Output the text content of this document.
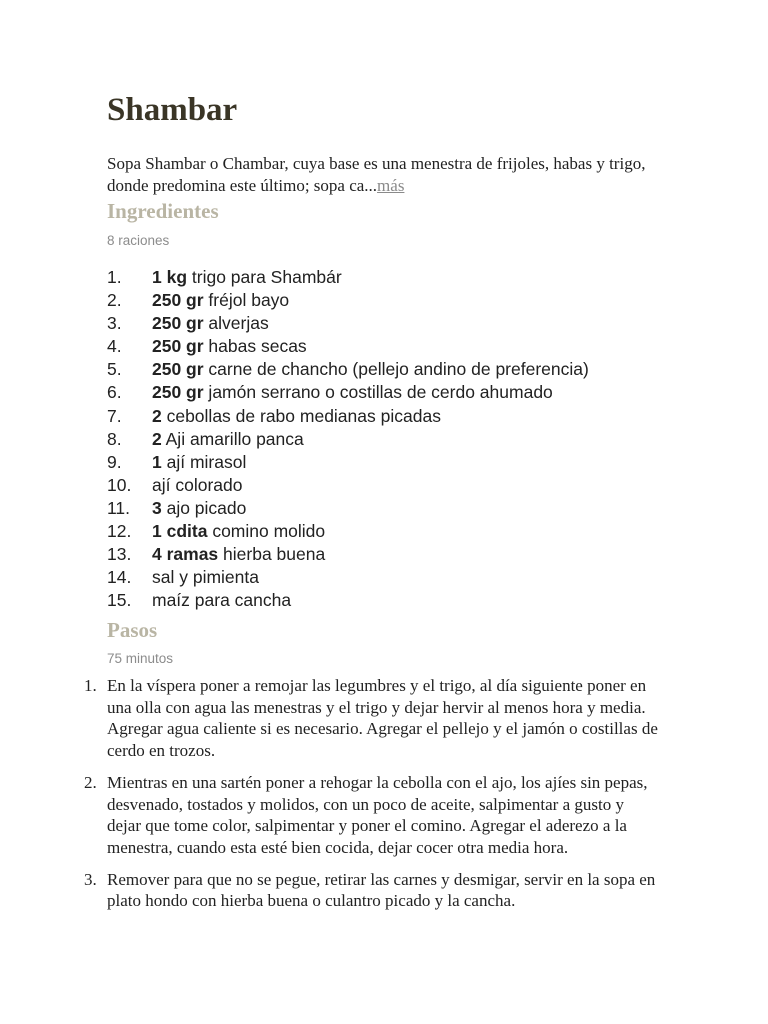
Shambar

Sopa Shambar o Chambar, cuya base es una menestra de frijoles, habas y trigo, donde predomina este último; sopa ca...más

Ingredientes

8 raciones

1.	1 kg trigo para Shambár
2.	250 gr fréjol bayo
3.	250 gr alverjas
4.	250 gr habas secas
5.	250 gr carne de chancho (pellejo andino de preferencia)
6.	250 gr jamón serrano o costillas de cerdo ahumado
7.	2 cebollas de rabo medianas picadas
8.	2 Aji amarillo panca
9.	1 ají mirasol
10.	ají colorado
11.	3 ajo picado
12.	1 cdita comino molido
13.	4 ramas hierba buena
14.	sal y pimienta
15.	maíz para cancha
Pasos

75 minutos

1. En la víspera poner a remojar las legumbres y el trigo, al día siguiente poner en una olla con agua las menestras y el trigo y dejar hervir al menos hora y media. Agregar agua caliente si es necesario. Agregar el pellejo y el jamón o costillas de cerdo en trozos.
2. Mientras en una sartén poner a rehogar la cebolla con el ajo, los ajíes sin pepas, desvenado, tostados y molidos, con un poco de aceite, salpimentar a gusto y dejar que tome color, salpimentar y poner el comino. Agregar el aderezo a la menestra, cuando esta esté bien cocida, dejar cocer otra media hora.
3. Remover para que no se pegue, retirar las carnes y desmigar, servir en la sopa en plato hondo con hierba buena o culantro picado y la cancha.
